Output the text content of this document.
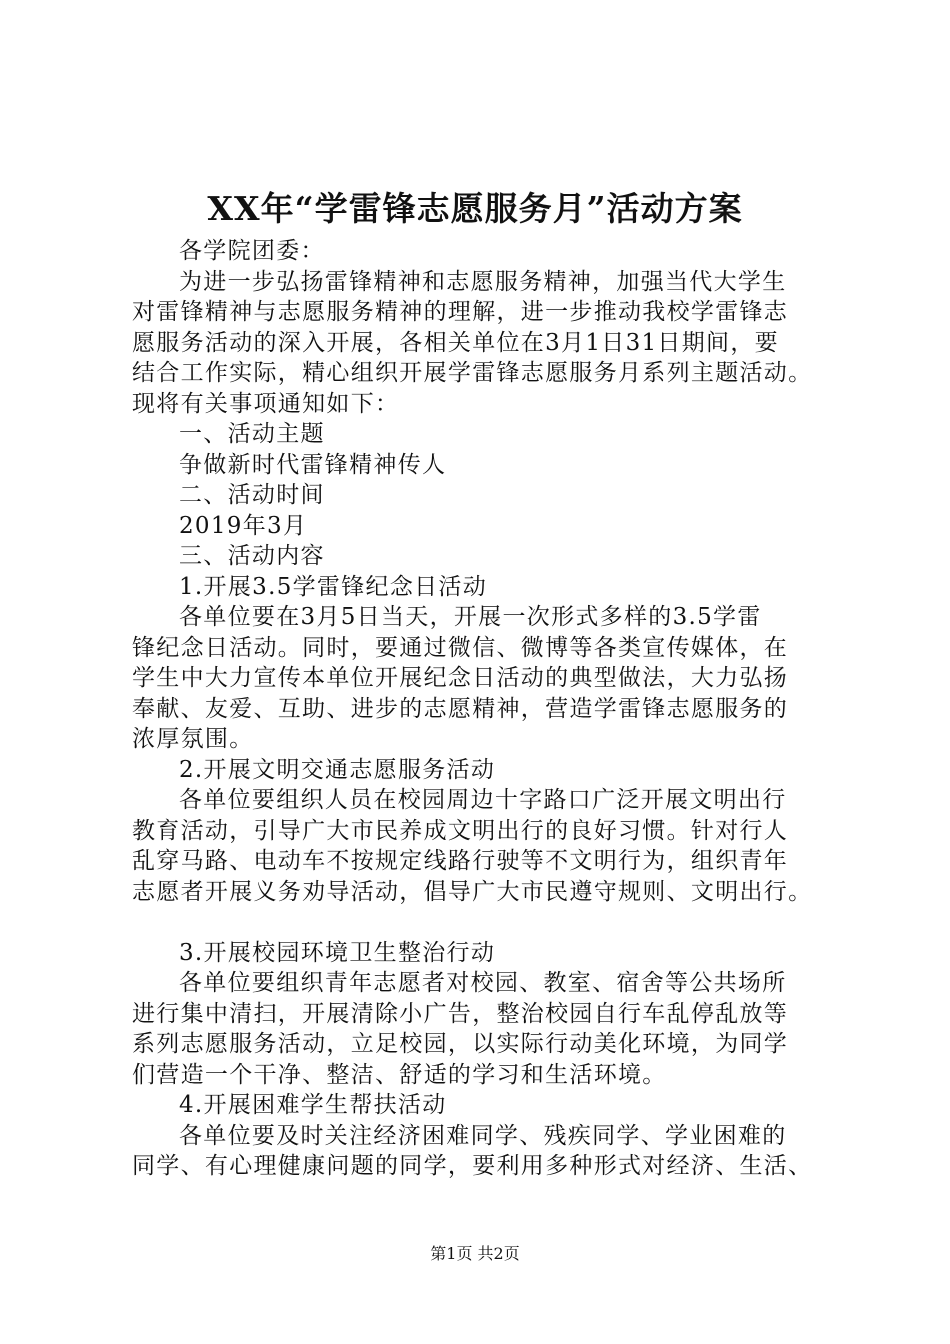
XX年“学雷锋志愿服务月”活动方案
各学院团委：
为进一步弘扬雷锋精神和志愿服务精神，加强当代大学生
对雷锋精神与志愿服务精神的理解，进一步推动我校学雷锋志
愿服务活动的深入开展，各相关单位在3月1日31日期间，要
结合工作实际，精心组织开展学雷锋志愿服务月系列主题活动。
现将有关事项通知如下：
一、活动主题
争做新时代雷锋精神传人
二、活动时间
2019年3月
三、活动内容
1.开展3.5学雷锋纪念日活动
各单位要在3月5日当天，开展一次形式多样的3.5学雷
锋纪念日活动。同时，要通过微信、微博等各类宣传媒体，在
学生中大力宣传本单位开展纪念日活动的典型做法，大力弘扬
奉献、友爱、互助、进步的志愿精神，营造学雷锋志愿服务的
浓厚氛围。
2.开展文明交通志愿服务活动
各单位要组织人员在校园周边十字路口广泛开展文明出行
教育活动，引导广大市民养成文明出行的良好习惯。针对行人
乱穿马路、电动车不按规定线路行驶等不文明行为，组织青年
志愿者开展义务劝导活动，倡导广大市民遵守规则、文明出行。
3.开展校园环境卫生整治行动
各单位要组织青年志愿者对校园、教室、宿舍等公共场所
进行集中清扫，开展清除小广告，整治校园自行车乱停乱放等
系列志愿服务活动，立足校园，以实际行动美化环境，为同学
们营造一个干净、整洁、舒适的学习和生活环境。
4.开展困难学生帮扶活动
各单位要及时关注经济困难同学、残疾同学、学业困难的
同学、有心理健康问题的同学，要利用多种形式对经济、生活、
第1页 共2页
